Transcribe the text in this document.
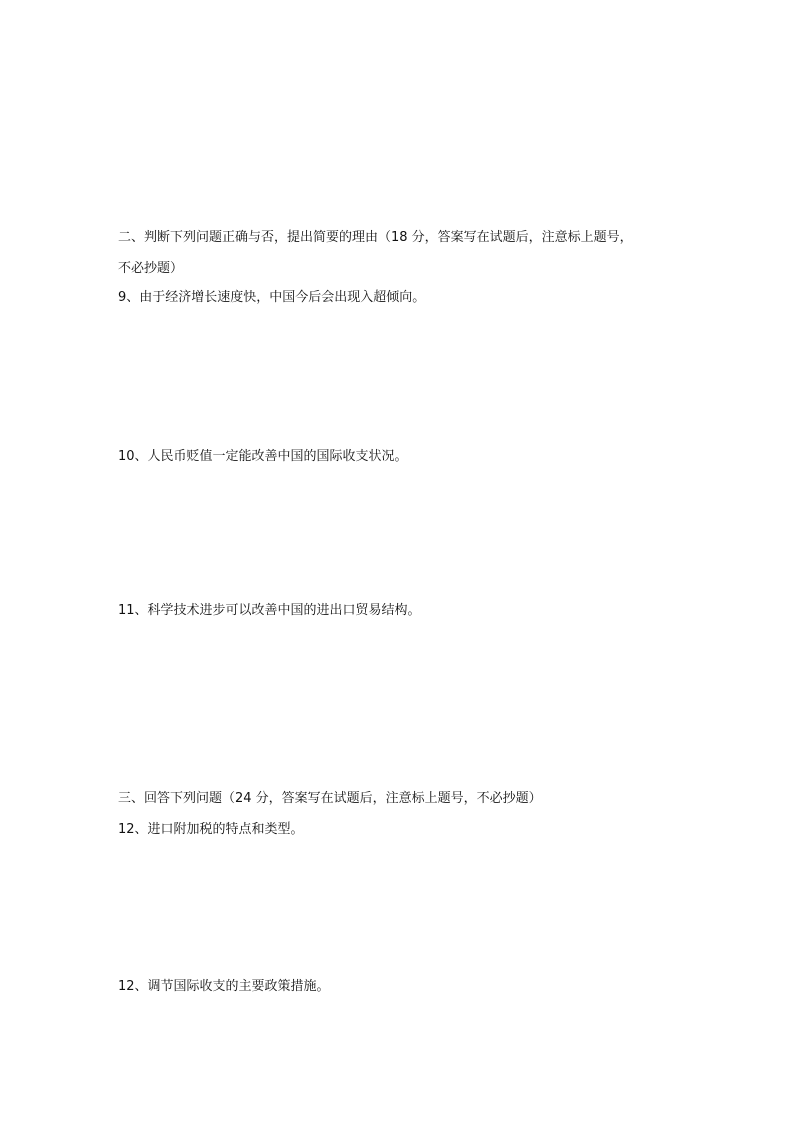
二、判断下列问题正确与否，提出简要的理由（18 分，答案写在试题后，注意标上题号，
不必抄题）
9、由于经济增长速度快，中国今后会出现入超倾向。
10、人民币贬值一定能改善中国的国际收支状况。
11、科学技术进步可以改善中国的进出口贸易结构。
三、回答下列问题（24 分，答案写在试题后，注意标上题号，不必抄题）
12、进口附加税的特点和类型。
12、调节国际收支的主要政策措施。
